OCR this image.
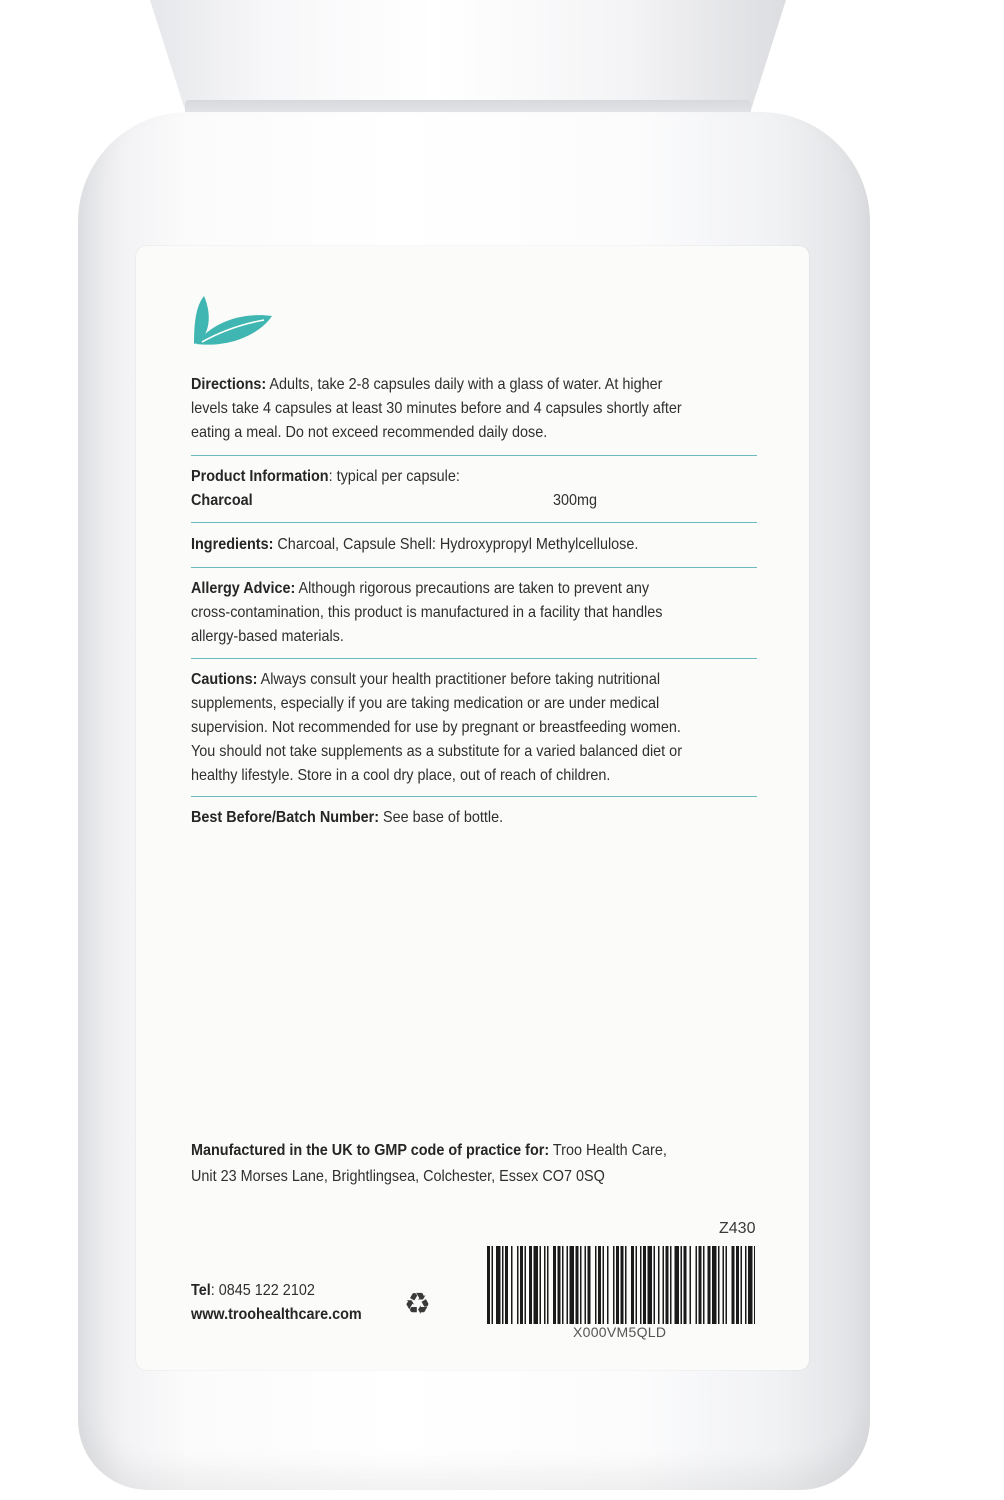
Directions: Adults, take 2-8 capsules daily with a glass of water. At higher
levels take 4 capsules at least 30 minutes before and 4 capsules shortly after
eating a meal. Do not exceed recommended daily dose.
Product Information: typical per capsule:
Charcoal	300mg
Ingredients: Charcoal, Capsule Shell: Hydroxypropyl Methylcellulose.
Allergy Advice: Although rigorous precautions are taken to prevent any
cross-contamination, this product is manufactured in a facility that handles
allergy-based materials.
Cautions: Always consult your health practitioner before taking nutritional
supplements, especially if you are taking medication or are under medical
supervision. Not recommended for use by pregnant or breastfeeding women.
You should not take supplements as a substitute for a varied balanced diet or
healthy lifestyle. Store in a cool dry place, out of reach of children.
Best Before/Batch Number: See base of bottle.
Manufactured in the UK to GMP code of practice for: Troo Health Care,
Unit 23 Morses Lane, Brightlingsea, Colchester, Essex CO7 0SQ
Z430
X000VM5QLD
Tel: 0845 122 2102
www.troohealthcare.com	♻
